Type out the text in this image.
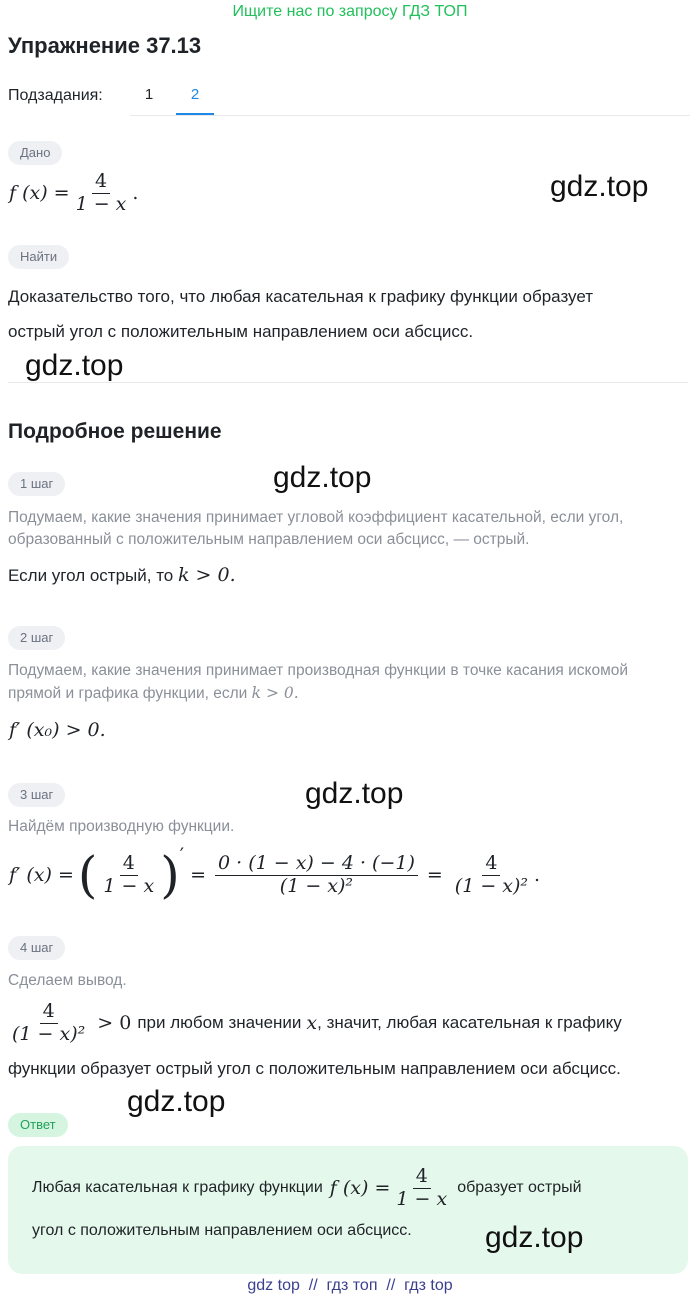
Ищите нас по запросу ГДЗ ТОП
Упражнение 37.13
Подзадания:	1	2
Дано
f $(x) = \frac{4}{1 - x}$ .
Найти
Доказательство того, что любая касательная к графику функции образует
острый угол с положительным направлением оси абсцисс.
Подробное решение
1 шаг
Подумаем, какие значения принимает угловой коэффициент касательной, если угол,
образованный с положительным направлением оси абсцисс, — острый.
Если угол острый, то k > 0.
2 шаг
Подумаем, какие значения принимает производная функции в точке касания искомой
прямой и графика функции, если k > 0.
f′ (x₀) > 0.
3 шаг
Найдём производную функции.
f′ (x) = ( $\frac{4}{1 - x}$ ) ′
= $\frac{0 \cdot (1 - x) - 4 \cdot (-1)}{\text{(1 − x)²}} = \frac{4}{\text{(1 − x)²}}$ .
4 шаг
Сделаем вывод.
$\frac{4}{\text{(1 − x)²}} > 0$ при любом значении x , значит, любая касательная к графику
функции образует острый угол с положительным направлением оси абсцисс.
Ответ
Любая касательная к графику функции f $(x) = \frac{4}{1 - x}$ образует острый
угол с положительным направлением оси абсцисс.
gdz.top
gdz.top
gdz.top
gdz.top
gdz.top
gdz.top
gdz top  //  гдз топ  //  гдз top
